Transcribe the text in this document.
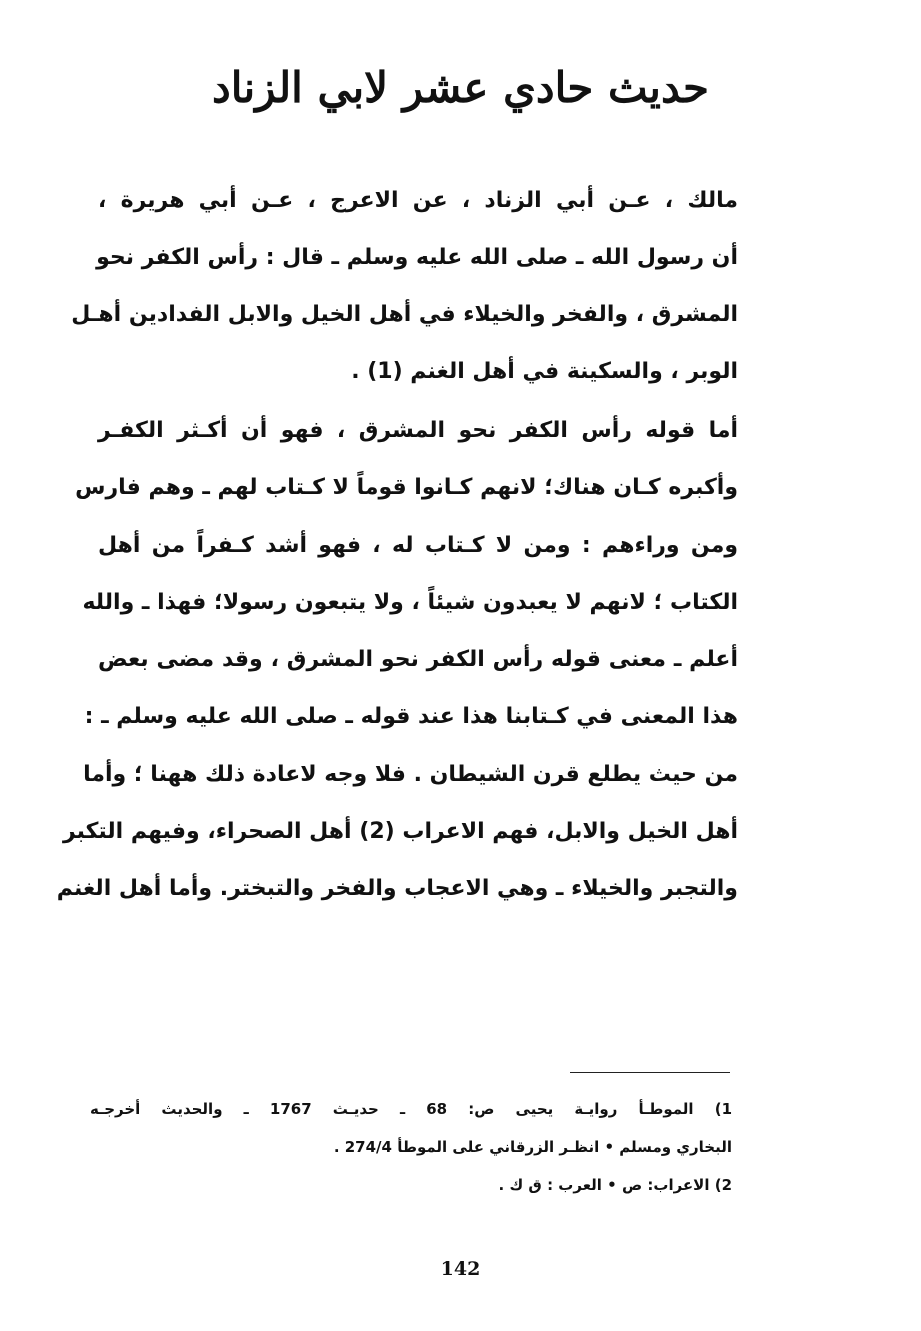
حديث حادي عشر لابي الزناد
مالك ، عـن أبي الزناد ، عن الاعرج ، عـن أبي هريرة ،
أن رسول الله ـ صلى الله عليه وسلم ـ قال : رأس الكفر نحو
المشرق ، والفخر والخيلاء في أهل الخيل والابل الفدادين أهـل
الوبر ، والسكينة في أهل الغنم (1) .
أما قوله رأس الكفر نحو المشرق ، فهو أن أكـثر الكفـر
وأكبره كـان هناك؛ لانهم كـانوا قوماً لا كـتاب لهم ـ وهم فارس
ومن وراءهم : ومن لا كـتاب له ، فهو أشد كـفراً من أهل
الكتاب ؛ لانهم لا يعبدون شيئاً ، ولا يتبعون رسولا؛ فهذا ـ والله
أعلم ـ معنى قوله رأس الكفر نحو المشرق ، وقد مضى بعض
هذا المعنى في كـتابنا هذا عند قوله ـ صلى الله عليه وسلم ـ :
من حيث يطلع قرن الشيطان . فلا وجه لاعادة ذلك ههنا ؛ وأما
أهل الخيل والابل، فهم الاعراب (2) أهل الصحراء، وفيهم التكبر
والتجبر والخيلاء ـ وهي الاعجاب والفخر والتبختر. وأما أهل الغنم
1) الموطـأ روايـة يحيى ص: 68 ـ حديـث 1767 ـ والحديث أخرجـه
البخاري ومسلم • انظـر الزرقاني على الموطأ 274/4 .
2) الاعراب: ص • العرب : ق ك .
142
